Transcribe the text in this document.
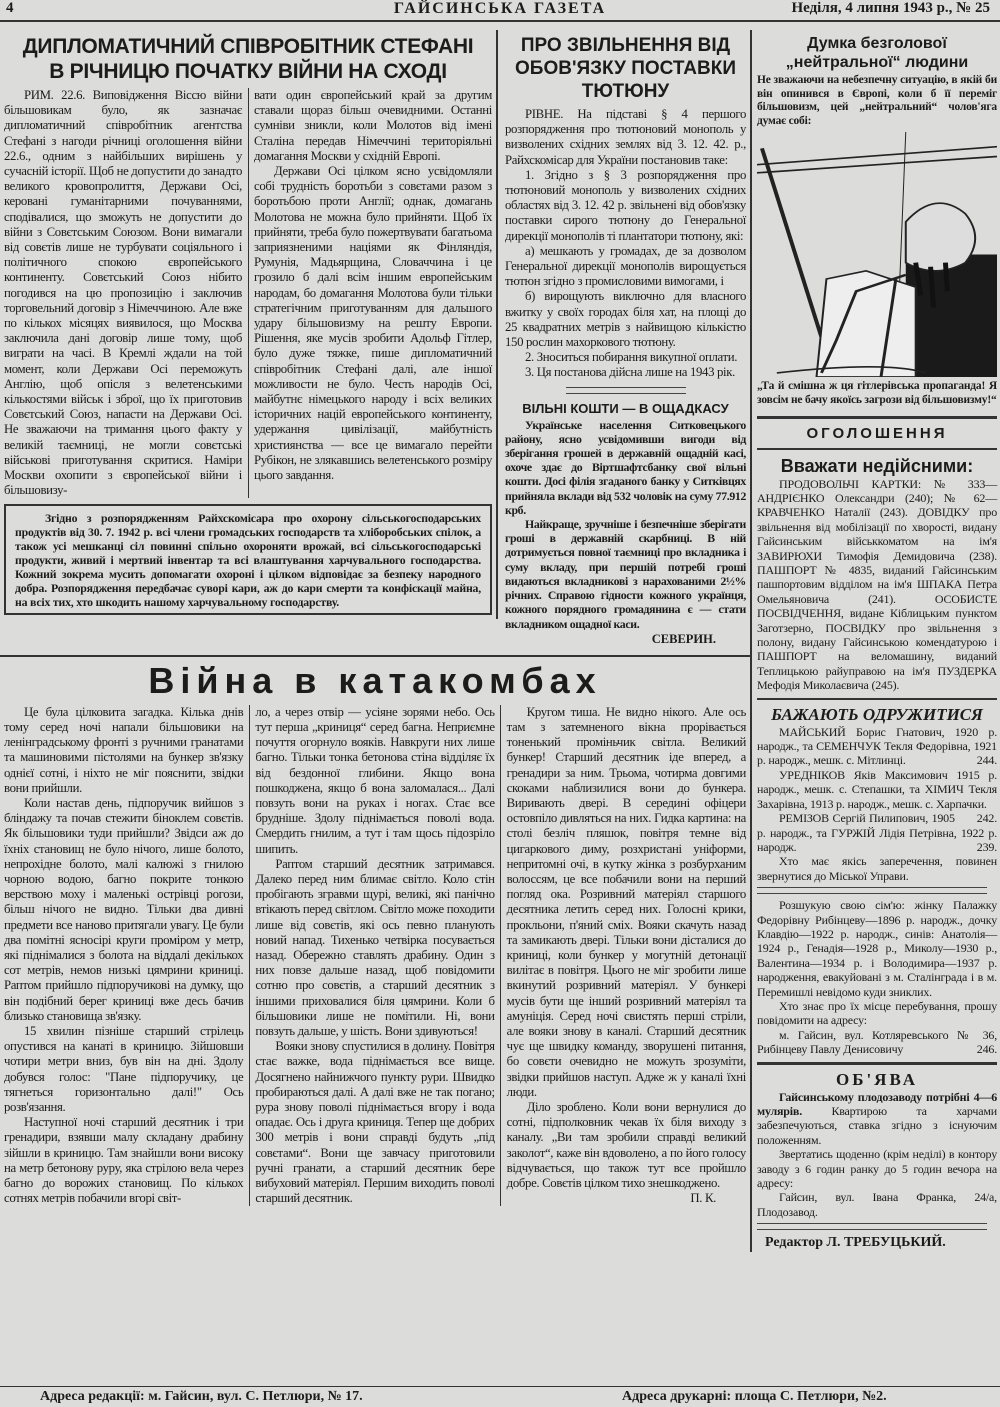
ГАЙСИНСЬКА ГАЗЕТА
4	Неділя, 4 липня 1943 р., № 25
ДИПЛОМАТИЧНИЙ СПІВРОБІТНИК СТЕФАНІ
В РІЧНИЦЮ ПОЧАТКУ ВІЙНИ НА СХОДІ

РИМ. 22.6. Виповідження Віссю війни більшовикам було, як зазначає дипломатичний співробітник агентства Стефані з нагоди річниці оголошення війни 22.6., одним з найбільших вирішень у сучасній історії. Щоб не допустити до занадто великого кровопролиття, Держави Осі, керовані гуманітарними почуваннями, сподівалися, що зможуть не допустити до війни з Совєтським Союзом. Вони вимагали від совєтів лише не турбувати соціяльного і політичного спокою європейського континенту. Совєтський Союз нібито погодився на цю пропозицію і заключив торговельний договір з Німеччиною. Але вже по кількох місяцях виявилося, що Москва заключила дані договір лише тому, щоб виграти на часі. В Кремлі ждали на той момент, коли Держави Осі переможуть Англію, щоб опісля з велетенськими кількостями військ і зброї, що їх приготовив Совєтський Союз, напасти на Держави Осі. Не зважаючи на тримання цього факту у великій таємниці, не могли совєтські військові приготування скритися. Наміри Москви охопити з європейської війни і більшовизу-

вати один європейський край за другим ставали щораз більш очевидними. Останні сумніви зникли, коли Молотов від імені Сталіна передав Німеччині територіяльні домагання Москви у східній Европі.

Держави Осі цілком ясно усвідомляли собі трудність боротьби з совєтами разом з боротьбою проти Англії; однак, домагань Молотова не можна було прийняти. Щоб їх прийняти, треба було пожертвувати багатьома заприязненими націями як Фінляндія, Румунія, Мадьярщина, Словаччина і це грозило б далі всім іншим европейським народам, бо домагання Молотова були тільки стратегічним приготуванням для дальшого удару більшовизму на решту Европи. Рішення, яке мусів зробити Адольф Гітлер, було дуже тяжке, пише дипломатичний співробітник Стефані далі, але іншої можливости не було. Честь народів Осі, майбутнє німецького народу і всіх великих історичних націй европейського континенту, удержання цивілізації, майбутність християнства — все це вимагало перейти Рубікон, не злякавшись велетенського розміру цього завдання.

Згідно з розпорядженням Райхскомісара про охорону сільськогосподарських продуктів від 30. 7. 1942 р. всі члени громадських господарств та хліборобських спілок, а також усі мешканці сіл повинні спільно охороняти врожай, всі сільськогосподарські продукти, живий і мертвий інвентар та всі влаштування харчувального господарства. Кожний зокрема мусить допомагати охороні і цілком відповідає за безпеку народного добра. Розпорядження передбачає суворі кари, аж до кари смерти та конфіскації майна, на всіх тих, хто шкодить нашому харчувальному господарству.

ПРО ЗВІЛЬНЕННЯ ВІД ОБОВ'ЯЗКУ ПОСТАВКИ ТЮТЮНУ

РІВНЕ. На підставі § 4 першого розпорядження про тютюновий монополь у визволених східних землях від 3. 12. 42. р., Райхскомісар для України постановив таке:

1. Згідно з § 3 розпорядження про тютюновий монополь у визволених східних областях від 3. 12. 42 р. звільнені від обов'язку поставки сирого тютюну до Генеральної дирекції монополів ті плантатори тютюну, які:

а) мешкають у громадах, де за дозволом Генеральної дирекції монополів вирощується тютюн згідно з промисловими вимогами, і

б) вирощують виключно для власного вжитку у своїх городах біля хат, на площі до 25 квадратних метрів з найвищою кількістю 150 рослин махоркового тютюну.

2. Зноситься побирання викупної оплати.

3. Ця постанова дійсна лише на 1943 рік.

ВІЛЬНІ КОШТИ — В ОЩАДКАСУ

Українське населення Ситковецького району, ясно усвідомивши вигоди від зберігання грошей в державній ощадній касі, охоче здає до Віртшафтсбанку свої вільні кошти. Досі філія згаданого банку у Ситківцях прийняла вклади від 532 чоловік на суму 77.912 крб.

Найкраще, зручніше і безпечніше зберігати гроші в державній скарбниці. В ній дотримується повної таємниці про вкладника і суму вкладу, при першій потребі гроші видаються вкладникові з нарахованими 2½% річних. Справою гідности кожного українця, кожного порядного громадянина є — стати вкладником ощадної каси.

СЕВЕРИН.
Війна в катакомбах

Це була цілковита загадка. Кілька днів тому серед ночі напали більшовики на ленінградському фронті з ручними гранатами та машиновими пістолями на бункер зв'язку однієї сотні, і ніхто не міг пояснити, звідки вони прийшли.

Коли настав день, підпоручик вийшов з бліндажу та почав стежити біноклем совєтів. Як більшовики туди прийшли? Звідси аж до їхніх становищ не було нічого, лише болото, непрохідне болото, малі калюжі з гнилою чорною водою, багно покрите тонкою верствою моху і маленькі острівці рогози, більш нічого не видно. Тільки два дивні предмети все наново притягали увагу. Це були два помітні ясносірі круги проміром у метр, які піднімалися з болота на віддалі декількох сот метрів, немов низькі цямрини криниці. Раптом прийшло підпоручикові на думку, що він подібний берег криниці вже десь бачив близько становища зв'язку.

15 хвилин пізніше старший стрілець опустився на канаті в криницю. Зійшовши чотири метри вниз, був він на дні. Здолу добувся голос: "Пане підпоручику, це тягнеться горизонтально далі!" Ось розв'язання.

Наступної ночі старший десятник і три гренадири, взявши малу складану драбину зійшли в криницю. Там знайшли вони високу на метр бетонову руру, яка стрілою вела через багно до ворожих становищ. По кількох сотнях метрів побачили вгорі світ-

ло, а через отвір — усіяне зорями небо. Ось тут перша „криниця“ серед багна. Неприємне почуття огорнуло вояків. Навкруги них лише багно. Тільки тонка бетонова стіна відділяє їх від бездонної глибини. Якщо вона пошкоджена, якщо б вона заломалася... Далі повзуть вони на руках і ногах. Стає все брудніше. Здолу піднімається поволі вода. Смердить гнилим, а тут і там щось підозріло шипить.

Раптом старший десятник затримався. Далеко перед ним блимає світло. Коло стін пробігають згравми щурі, великі, які панічно втікають перед світлом. Світло може походити лише від совєтів, які ось певно планують новий напад. Тихенько четвірка посувається назад. Обережно ставлять драбину. Один з них повзе дальше назад, щоб повідомити сотню про совєтів, а старший десятник з іншими приховалися біля цямрини. Коли б більшовики лише не помітили. Ні, вони повзуть дальше, у шість. Вони здивуються!

Вояки знову спустилися в долину. Повітря стає важке, вода піднімається все вище. Досягнено найнижчого пункту рури. Швидко пробираються далі. А далі вже не так погано; рура знову поволі піднімається вгору і вода опадає. Ось і друга криниця. Тепер ще добрих 300 метрів і вони справді будуть „під совєтами“. Вони ще завчасу приготовили ручні гранати, а старший десятник бере вибуховий матеріял. Першим виходить поволі старший десятник.

Кругом тиша. Не видно нікого. Але ось там з затемненого вікна прорівається тоненький проміньчик світла. Великий бункер! Старший десятник іде вперед, а гренадири за ним. Трьома, чотирма довгими скоками наблизилися вони до бункера. Виривають двері. В середині офіцери остовпіло дивляться на них. Гидка картина: на столі безліч пляшок, повітря темне від цигаркового диму, розхристані уніформи, непритомні очі, в кутку жінка з розбурханим волоссям, це все побачили вони на перший погляд ока. Розривний матеріял старшого десятника летить серед них. Голосні крики, прокльони, п'яний сміх. Вояки скачуть назад та замикають двері. Тільки вони дісталися до криниці, коли бункер у могутній детонації вилітає в повітря. Цього не міг зробити лише вкинутий розривний матеріял. У бункері мусів бути ще інший розривний матеріял та амуніція. Серед ночі свистять перші стріли, але вояки знову в каналі. Старший десятник чує ще швидку команду, зворушені питання, бо совєти очевидно не можуть зрозуміти, звідки прийшов наступ. Адже ж у каналі їхні люди.

Діло зроблено. Коли вони вернулися до сотні, підполковник чекав їх біля виходу з каналу. „Ви там зробили справді великий заколот“, каже він вдоволено, а по його голосу відчувається, що також тут все пройшло добре. Совєтів цілком тихо знешкоджено.

П. К.

Думка безголової „нейтральної“ людини
Не зважаючи на небезпечну ситуацію, в якій би він опинився в Європі, коли б її переміг більшовизм, цей „нейтральний“ чолов'яга думає собі:
„Та й смішна ж ця гітлерівська пропаганда! Я зовсім не бачу якоїсь загрози від більшовизму!“
ОГОЛОШЕННЯ
Вважати недійсними:

ПРОДОВОЛЬЧІ КАРТКИ: № 333—АНДРІЄНКО Олександри (240); № 62—КРАВЧЕНКО Наталії (243). ДОВІДКУ про звільнення від мобілізації по хворості, видану Гайсинським військкоматом на ім'я ЗАВИРЮХИ Тимофія Демидовича (238). ПАШПОРТ № 4835, виданий Гайсинським пашпортовим відділом на ім'я ШПАКА Петра Омельяновича (241). ОСОБИСТЕ ПОСВІДЧЕННЯ, видане Кіблицьким пунктом Заготзерно, ПОСВІДКУ про звільнення з полону, видану Гайсинською комендатурою і ПАШПОРТ на веломашину, виданий Теплицькою райуправою на ім'я ПУЗДЕРКА Мефодія Миколаєвича (245).

БАЖАЮТЬ ОДРУЖИТИСЯ

МАЙСЬКИЙ Борис Гнатович, 1920 р. народж., та СЕМЕНЧУК Текля Федорівна, 1921 р. народж., мешк. с. Мітлинці.	244.

УРЕДНІКОВ Яків Максимович 1915 р. народж., мешк. с. Степашки, та ХІМИЧ Текля Захарівна, 1913 р. народж., мешк. с. Харпачки.
242.

РЕМІЗОВ Сергій Пилипович, 1905 р. народж., та ГУРЖІЙ Лідія Петрівна, 1922 р. народж.	239.

Хто має якісь заперечення, повинен звернутися до Міської Управи.

Розшукую свою сім'ю: жінку Палажку Федорівну Рибінцеву—1896 р. народж., дочку Клавдію—1922 р. народж., синів: Анатолія—1924 р., Генадія—1928 р., Миколу—1930 р., Валентина—1934 р. і Володимира—1937 р. народження, евакуйовані з м. Сталінграда і в м. Перемишлі невідомо куди зниклих.

Хто знає про їх місце перебування, прошу повідомити на адресу:

м. Гайсин, вул. Котляревського № 36, Рибінцеву Павлу Денисовичу	246.

ОБ'ЯВА

Гайсинському плодозаводу потрібні 4—6 мулярів. Квартирою та харчами забезпечуються, ставка згідно з існуючим положенням.

Звертатись щоденно (крім неділі) в контору заводу з 6 годин ранку до 5 годин вечора на адресу:

Гайсин, вул. Івана Франка, 24/а, Плодозавод.

Редактор Л. ТРЕБУЦЬКИЙ.
Адреса редакції: м. Гайсин, вул. С. Петлюри, № 17.	Адреса друкарні: площа С. Петлюри, №2.
